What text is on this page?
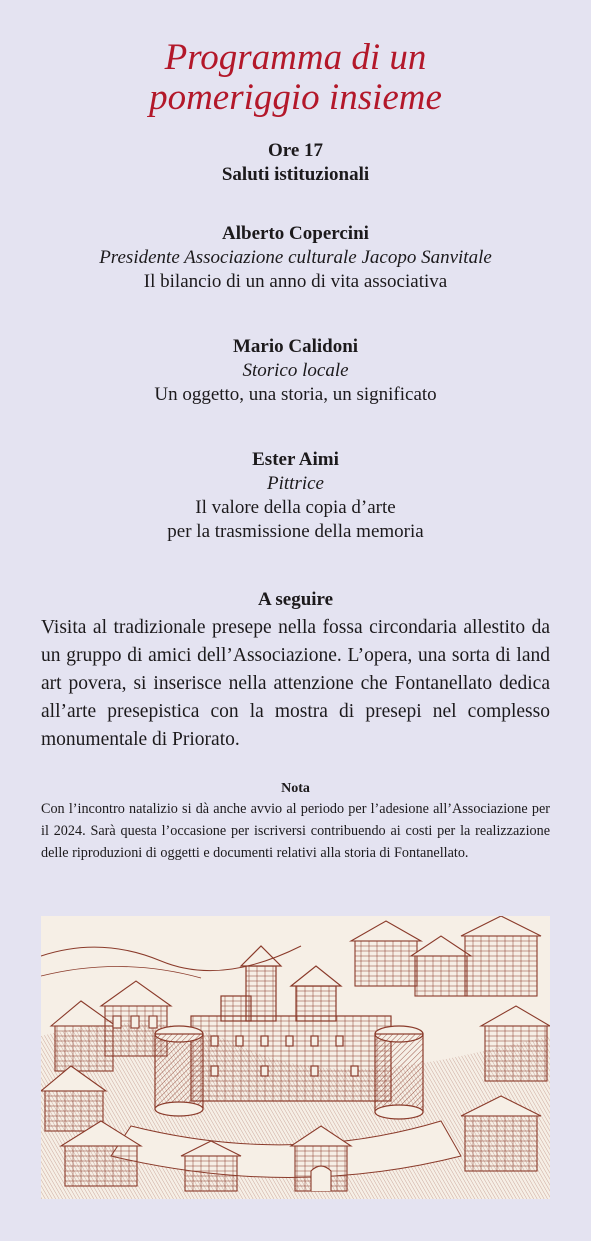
Programma di un
pomeriggio insieme
Ore 17
Saluti istituzionali
Alberto Copercini
Presidente Associazione culturale Jacopo Sanvitale
Il bilancio di un anno di vita associativa
Mario Calidoni
Storico locale
Un oggetto, una storia, un significato
Ester Aimi
Pittrice
Il valore della copia d’arte
per la trasmissione della memoria
A seguire

Visita al tradizionale presepe nella fossa circondaria allestito da un gruppo di amici dell’Associazione. L’opera, una sorta di land art povera, si inserisce nella attenzione che Fontanellato dedica all’arte presepistica con la mostra di presepi nel complesso monumentale di Priorato.

Nota

Con l’incontro natalizio si dà anche avvio al periodo per l’adesione all’Associazione per il 2024. Sarà questa l’occasione per iscriversi contribuendo ai costi per la realizzazione delle riproduzioni di oggetti e documenti relativi alla storia di Fontanellato.
